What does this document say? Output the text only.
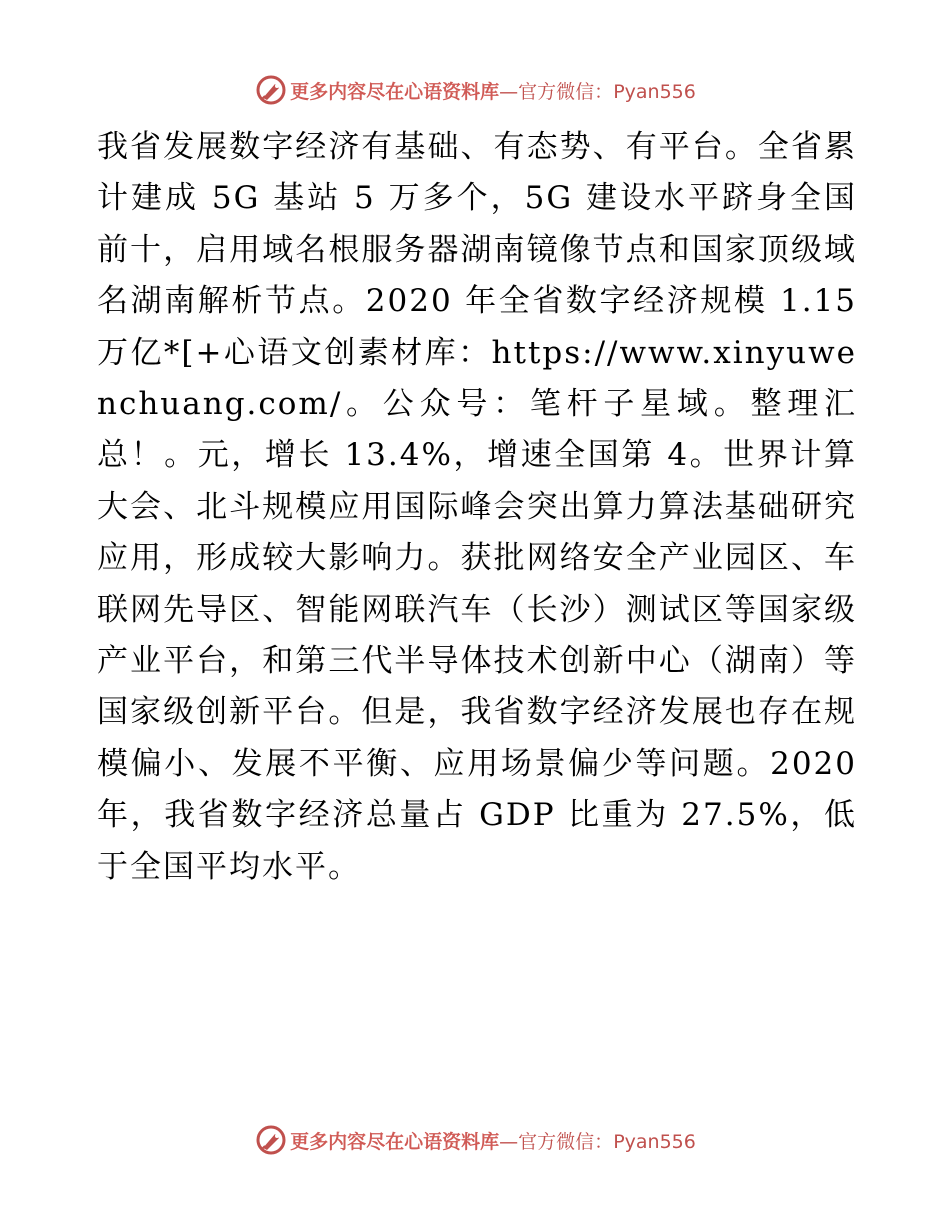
更多内容尽在心语资料库—官方微信：Pyan556

我省发展数字经济有基础、有态势、有平台。全省累计建成 5G 基站 5 万多个，5G 建设水平跻身全国前十，启用域名根服务器湖南镜像节点和国家顶级域名湖南解析节点。2020 年全省数字经济规模 1.15 万亿*[+心语文创素材库：https://www.xinyuwenchuang.com/。公众号：笔杆子星域。整理汇总！。元，增长 13.4%，增速全国第 4。世界计算大会、北斗规模应用国际峰会突出算力算法基础研究应用，形成较大影响力。获批网络安全产业园区、车联网先导区、智能网联汽车（长沙）测试区等国家级产业平台，和第三代半导体技术创新中心（湖南）等国家级创新平台。但是，我省数字经济发展也存在规模偏小、发展不平衡、应用场景偏少等问题。2020 年，我省数字经济总量占 GDP 比重为 27.5%，低于全国平均水平。

更多内容尽在心语资料库—官方微信：Pyan556
